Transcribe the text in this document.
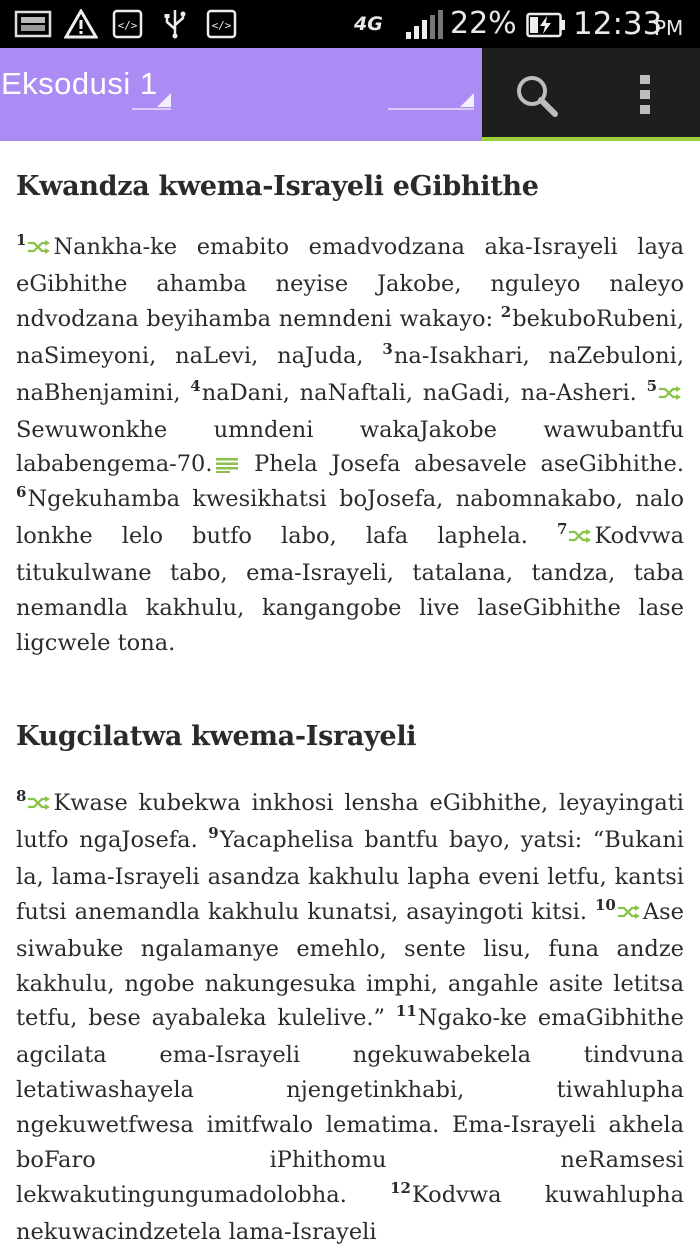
</>	</>	4G 22% 12:33
PM
Eksodusi 1
Kwandza kwema-Israyeli eGibhithe
$^1$ Nankha-ke emabito emadvodzana aka-Israyeli laya eGibhithe ahamba neyise Jakobe, nguleyo naleyo ndvodzana beyihamba nemndeni wakayo: $^2$bekuboRubeni, naSimeyoni, naLevi, naJuda, $^3$na-Isakhari, naZebuloni, naBhenjamini, $^4$naDani, naNaftali, naGadi, na-Asheri. $^5$Sewuwonkhe umndeni wakaJakobe wawubantfu lababengema-70. Phela Josefa abesavele aseGibhithe. $^6$Ngekuhamba kwesikhatsi boJosefa, nabomnakabo, nalo lonkhe lelo butfo labo, lafa laphela. $^7$ Kodvwa titukulwane tabo, ema-Israyeli, tatalana, tandza, taba nemandla kakhulu, kangangobe live laseGibhithe lase ligcwele tona.
Kugcilatwa kwema-Israyeli
$^8$ Kwase kubekwa inkhosi lensha eGibhithe, leyayingati lutfo ngaJosefa. $^9$Yacaphelisa bantfu bayo, yatsi: “Bukani la, lama-Israyeli asandza kakhulu lapha eveni letfu, kantsi futsi anemandla kakhulu kunatsi, asayingoti kitsi. $^{10}$ Ase siwabuke ngalamanye emehlo, sente lisu, funa andze kakhulu, ngobe nakungesuka imphi, angahle asite letitsa tetfu, bese ayabaleka kulelive.” $^{11}$Ngako-ke emaGibhithe agcilata ema-Israyeli ngekuwabekela tindvuna letatiwashayela njengetinkhabi, tiwahlupha ngekuwetfwesa imitfwalo lematima. Ema-Israyeli akhela boFaro iPhithomu neRamsesi lekwakutingungumadolobha.	$^{12}$Kodvwa kuwahlupha nekuwacindzetela lama-Israyeli
